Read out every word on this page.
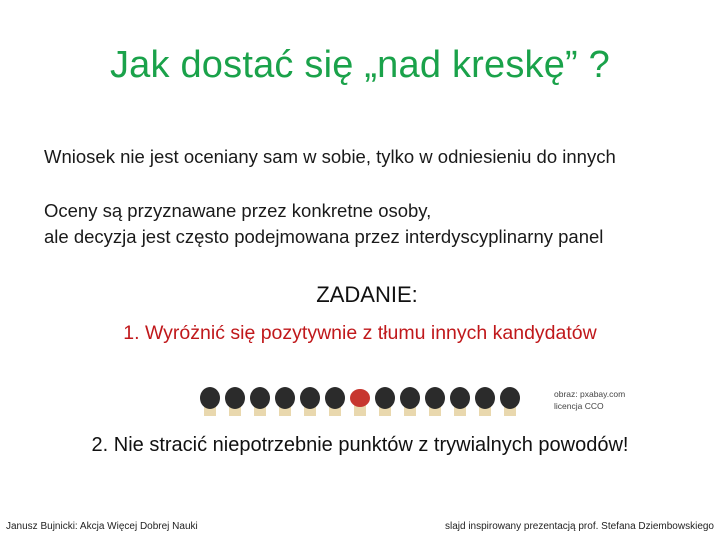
Jak dostać się „nad kreskę” ?
Wniosek nie jest oceniany sam w sobie, tylko w odniesieniu do innych
Oceny są przyznawane przez konkretne osoby,
ale decyzja jest często podejmowana przez interdyscyplinarny panel
ZADANIE:
1. Wyróżnić się pozytywnie z tłumu innych kandydatów
obraz: pxabay.com
licencja CCO
2. Nie stracić niepotrzebnie punktów z trywialnych powodów!
Janusz Bujnicki: Akcja Więcej Dobrej Nauki	slajd inspirowany prezentacją prof. Stefana Dziembowskiego
